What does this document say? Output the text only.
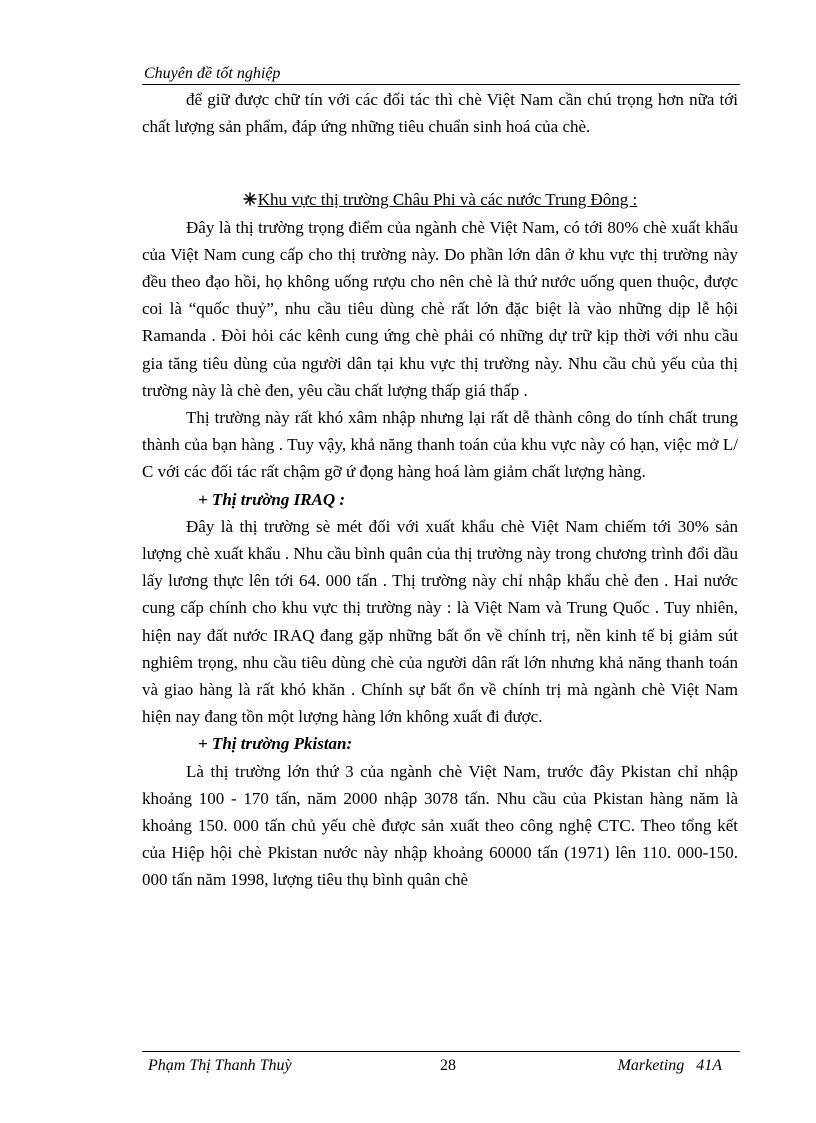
Chuyên đề tốt nghiệp

để giữ được chữ tín với các đối tác thì chè Việt Nam cần chú trọng hơn nữa tới chất lượng sản phẩm, đáp ứng những tiêu chuẩn sinh hoá của chè.

Khu vực thị trường Châu Phi và các nước Trung Đông :

Đây là thị trường trọng điểm của ngành chè Việt Nam, có tới 80% chè xuất khẩu của Việt Nam cung cấp cho thị trường này. Do phần lớn dân ở khu vực thị trường này đều theo đạo hồi, họ không uống rượu cho nên chè là thứ nước uống quen thuộc, được coi là “quốc thuỷ”, nhu cầu tiêu dùng chè rất lớn đặc biệt là vào những dịp lễ hội Ramanda . Đòi hỏi các kênh cung ứng chè phải có những dự trữ kịp thời với nhu cầu gia tăng tiêu dùng của người dân tại khu vực thị trường này. Nhu cầu chủ yếu của thị trường này là chè đen, yêu cầu chất lượng thấp giá thấp .

Thị trường này rất khó xâm nhập nhưng lại rất dễ thành công do tính chất trung thành của bạn hàng . Tuy vậy, khả năng thanh toán của khu vực này có hạn, việc mở L/ C với các đối tác rất chậm gỡ ứ đọng hàng hoá làm giảm chất lượng hàng.

+ Thị trường IRAQ :

Đây là thị trường sè mét đối với xuất khẩu chè Việt Nam chiếm tới 30% sản lượng chè xuất khẩu . Nhu cầu bình quân của thị trường này trong chương trình đổi dầu lấy lương thực lên tới 64. 000 tấn . Thị trường này chỉ nhập khẩu chè đen . Hai nước cung cấp chính cho khu vực thị trường này : là Việt Nam và Trung Quốc . Tuy nhiên, hiện nay đất nước IRAQ đang gặp những bất ổn về chính trị, nền kinh tế bị giảm sút nghiêm trọng, nhu cầu tiêu dùng chè của người dân rất lớn nhưng khả năng thanh toán và giao hàng là rất khó khăn . Chính sự bất ổn về chính trị mà ngành chè Việt Nam hiện nay đang tồn một lượng hàng lớn không xuất đi được.

+ Thị trường Pkistan:

Là thị trường lớn thứ 3 của ngành chè Việt Nam, trước đây Pkistan chỉ nhập khoảng 100 - 170 tấn, năm 2000 nhập 3078 tấn. Nhu cầu của Pkistan hàng năm là khoảng 150. 000 tấn chủ yếu chè được sản xuất theo công nghệ CTC. Theo tổng kết của Hiệp hội chè Pkistan nước này nhập khoảng 60000 tấn (1971) lên 110. 000-150. 000 tấn năm 1998, lượng tiêu thụ bình quân chè

Phạm Thị Thanh Thuỳ	28	Marketing   41A
